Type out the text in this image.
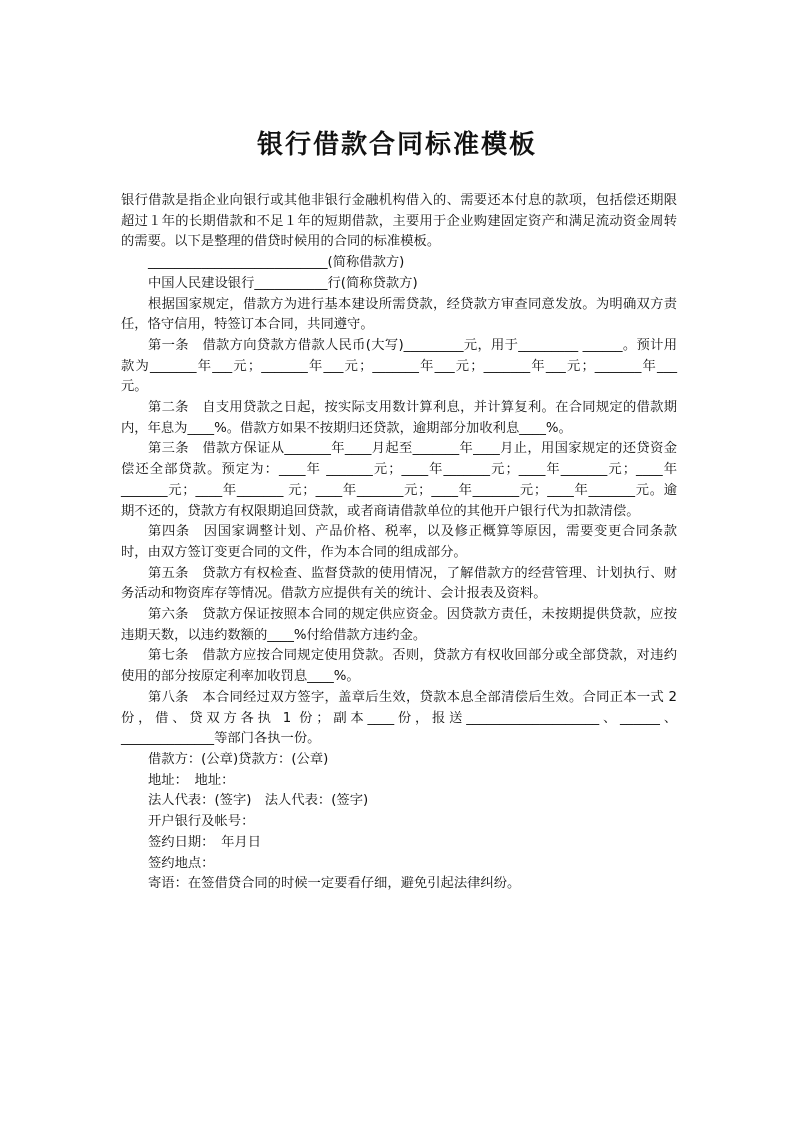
银行借款合同标准模板

银行借款是指企业向银行或其他非银行金融机构借入的、需要还本付息的款项，包括偿还期限超过１年的长期借款和不足１年的短期借款，主要用于企业购建固定资产和满足流动资金周转的需要。以下是整理的借贷时候用的合同的标准模板。

___________________________(简称借款方)

中国人民建设银行___________行(简称贷款方)

根据国家规定，借款方为进行基本建设所需贷款，经贷款方审查同意发放。为明确双方责任，恪守信用，特签订本合同，共同遵守。

第一条　借款方向贷款方借款人民币(大写)_________元，用于_________ ______。预计用款为_______年___元；_______年___元；_______年___元；_______年___元；_______年___元。

第二条　自支用贷款之日起，按实际支用数计算利息，并计算复利。在合同规定的借款期内，年息为____%。借款方如果不按期归还贷款，逾期部分加收利息____%。

第三条　借款方保证从_______年____月起至_______年____月止，用国家规定的还贷资金偿还全部贷款。预定为：____年 _______元；____年_______元；____年_______元；____年_______元；____年_______ 元；____年_______元；____年_______元；____年_______元。逾期不还的，贷款方有权限期追回贷款，或者商请借款单位的其他开户银行代为扣款清偿。

第四条　因国家调整计划、产品价格、税率，以及修正概算等原因，需要变更合同条款时，由双方签订变更合同的文件，作为本合同的组成部分。

第五条　贷款方有权检查、监督贷款的使用情况，了解借款方的经营管理、计划执行、财务活动和物资库存等情况。借款方应提供有关的统计、会计报表及资料。

第六条　贷款方保证按照本合同的规定供应资金。因贷款方责任，未按期提供贷款，应按违期天数，以违约数额的____%付给借款方违约金。

第七条　借款方应按合同规定使用贷款。否则，贷款方有权收回部分或全部贷款，对违约使用的部分按原定利率加收罚息____%。

第八条　本合同经过双方签字，盖章后生效，贷款本息全部清偿后生效。合同正本一式 2 份，借、贷双方各执 1 份；副本____份，报送____________________、______、______________等部门各执一份。

借款方：(公章)贷款方：(公章)

地址：　地址：

法人代表：(签字)　法人代表：(签字)

开户银行及帐号：

签约日期：　年月日

签约地点：

寄语：在签借贷合同的时候一定要看仔细，避免引起法律纠纷。
